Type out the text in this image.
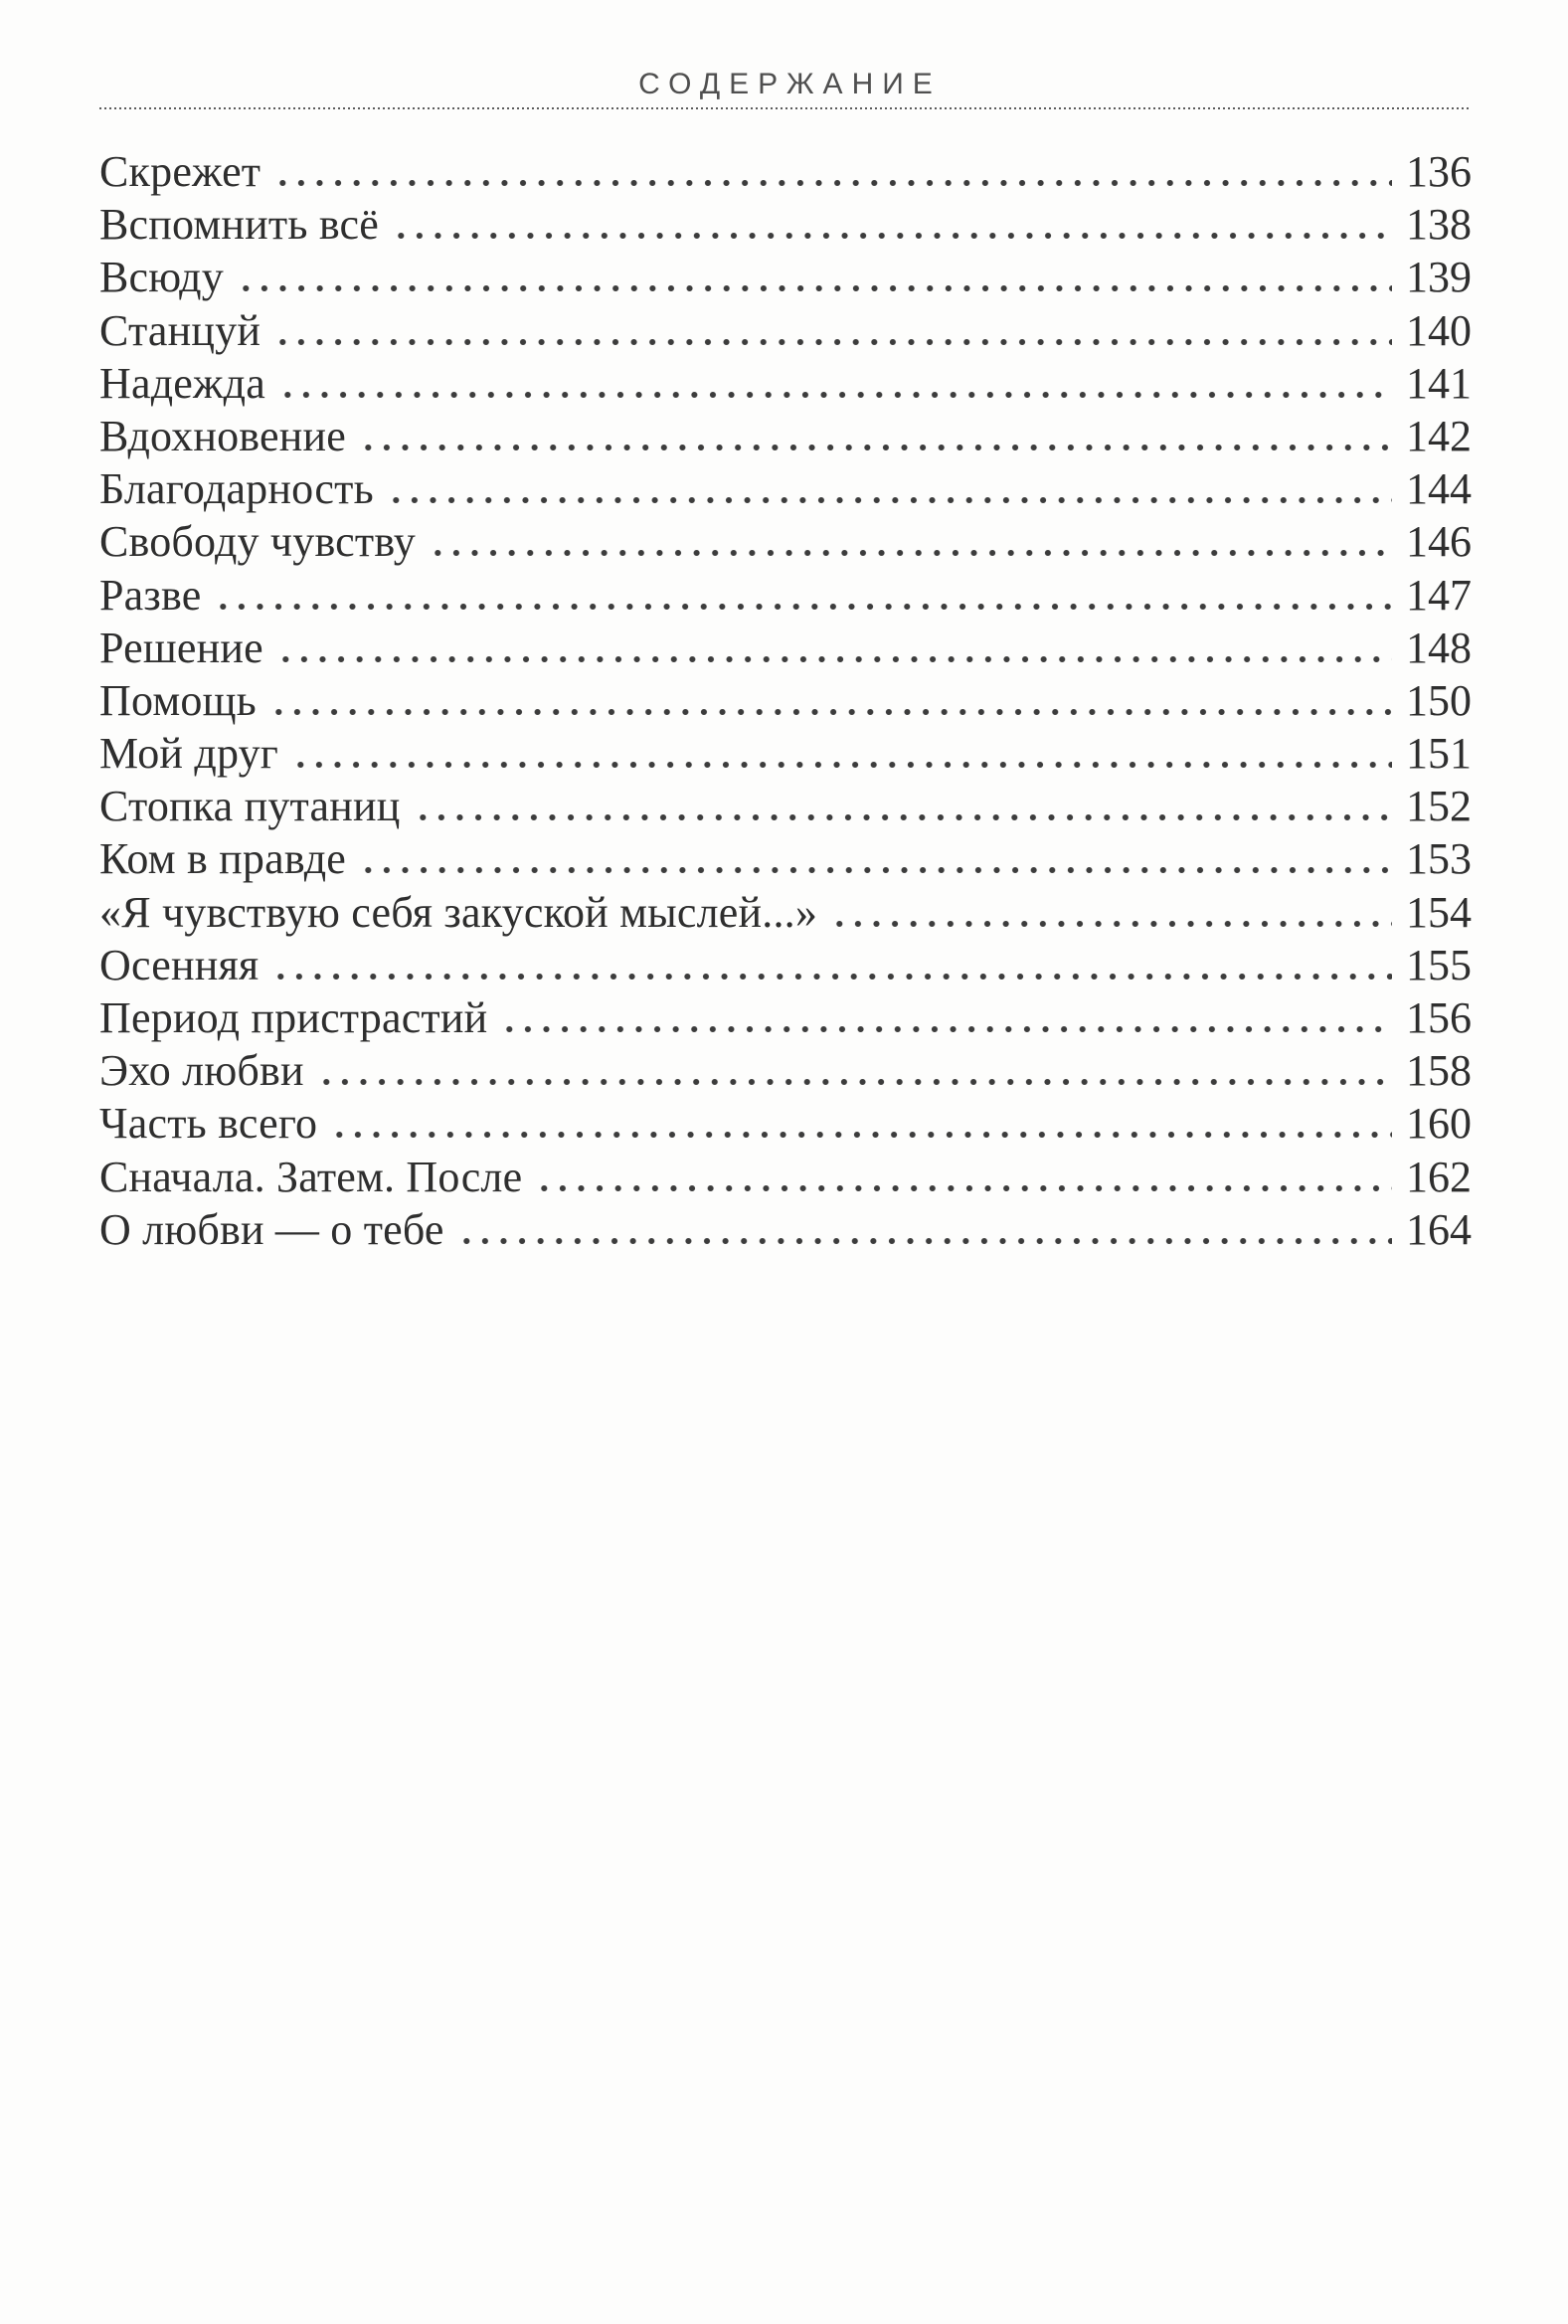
СОДЕРЖАНИЕ
Скрежет	136
Вспомнить всё	138
Всюду	139
Станцуй	140
Надежда	141
Вдохновение	142
Благодарность	144
Свободу чувству	146
Разве	147
Решение	148
Помощь	150
Мой друг	151
Стопка путаниц	152
Ком в правде	153
«Я чувствую себя закуской мыслей...»	154
Осенняя	155
Период пристрастий	156
Эхо любви	158
Часть всего	160
Сначала. Затем. После	162
О любви — о тебе	164
